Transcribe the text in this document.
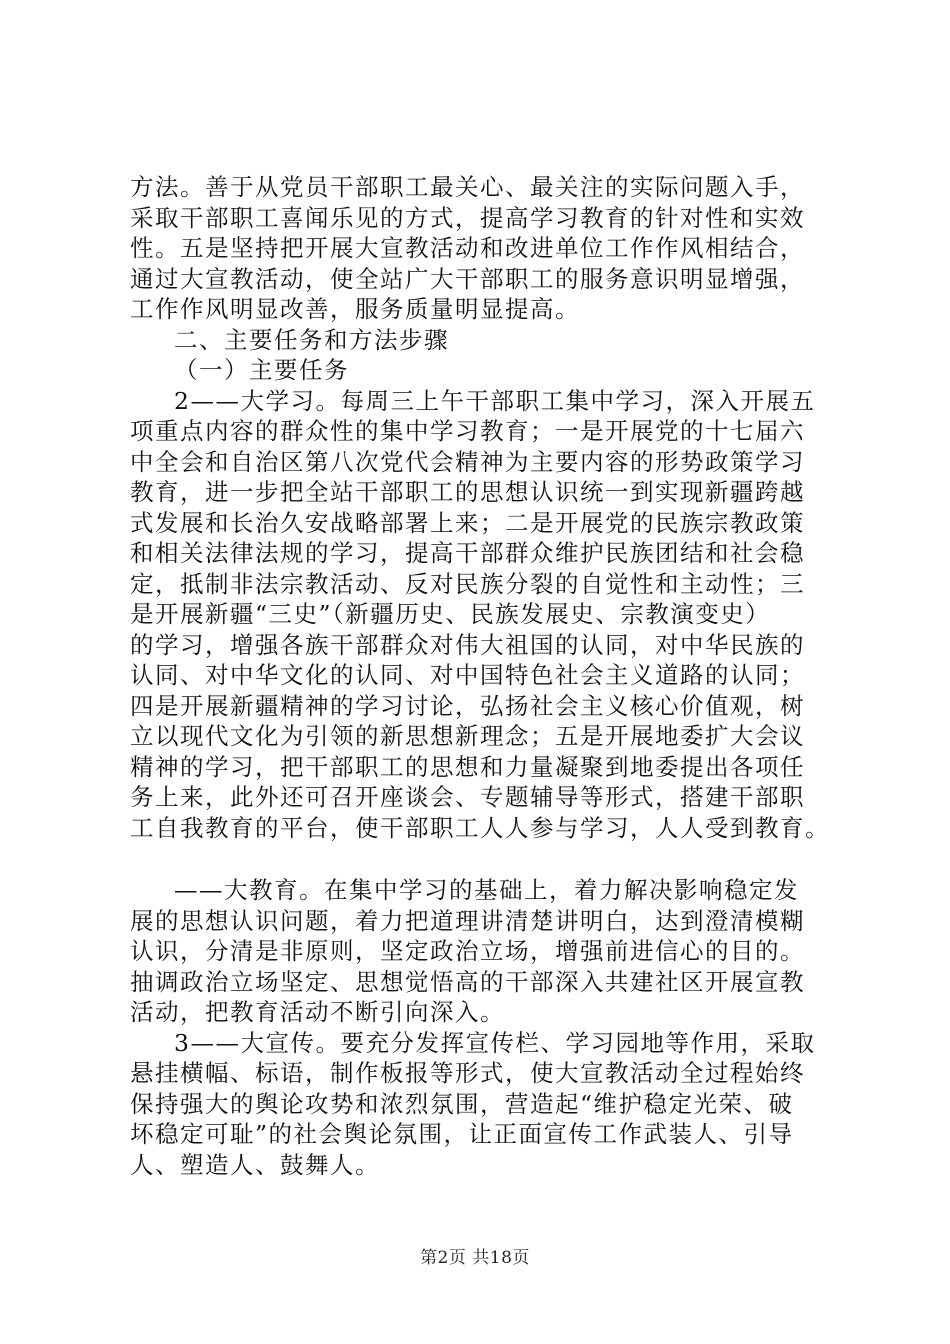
方法。善于从党员干部职工最关心、最关注的实际问题入手，
采取干部职工喜闻乐见的方式，提高学习教育的针对性和实效
性。五是坚持把开展大宣教活动和改进单位工作作风相结合，
通过大宣教活动，使全站广大干部职工的服务意识明显增强，
工作作风明显改善，服务质量明显提高。
二、主要任务和方法步骤
（一）主要任务
2——大学习。每周三上午干部职工集中学习，深入开展五
项重点内容的群众性的集中学习教育；一是开展党的十七届六
中全会和自治区第八次党代会精神为主要内容的形势政策学习
教育，进一步把全站干部职工的思想认识统一到实现新疆跨越
式发展和长治久安战略部署上来；二是开展党的民族宗教政策
和相关法律法规的学习，提高干部群众维护民族团结和社会稳
定，抵制非法宗教活动、反对民族分裂的自觉性和主动性；三
是开展新疆“三史”（新疆历史、民族发展史、宗教演变史）
的学习，增强各族干部群众对伟大祖国的认同，对中华民族的
认同、对中华文化的认同、对中国特色社会主义道路的认同；
四是开展新疆精神的学习讨论，弘扬社会主义核心价值观，树
立以现代文化为引领的新思想新理念；五是开展地委扩大会议
精神的学习，把干部职工的思想和力量凝聚到地委提出各项任
务上来，此外还可召开座谈会、专题辅导等形式，搭建干部职
工自我教育的平台，使干部职工人人参与学习，人人受到教育。
——大教育。在集中学习的基础上，着力解决影响稳定发
展的思想认识问题，着力把道理讲清楚讲明白，达到澄清模糊
认识，分清是非原则，坚定政治立场，增强前进信心的目的。
抽调政治立场坚定、思想觉悟高的干部深入共建社区开展宣教
活动，把教育活动不断引向深入。
3——大宣传。要充分发挥宣传栏、学习园地等作用，采取
悬挂横幅、标语，制作板报等形式，使大宣教活动全过程始终
保持强大的舆论攻势和浓烈氛围，营造起“维护稳定光荣、破
坏稳定可耻”的社会舆论氛围，让正面宣传工作武装人、引导
人、塑造人、鼓舞人。
第2页 共18页
